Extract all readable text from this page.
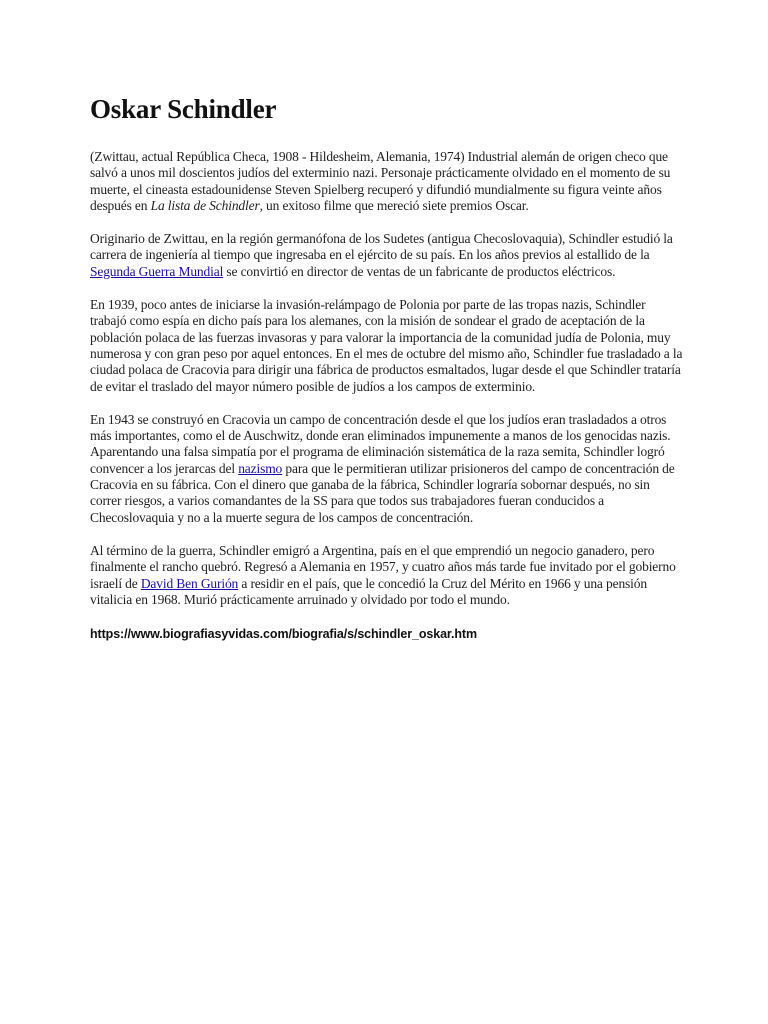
Oskar Schindler

(Zwittau, actual República Checa, 1908 - Hildesheim, Alemania, 1974) Industrial alemán de origen checo que salvó a unos mil doscientos judíos del exterminio nazi. Personaje prácticamente olvidado en el momento de su muerte, el cineasta estadounidense Steven Spielberg recuperó y difundió mundialmente su figura veinte años después en La lista de Schindler, un exitoso filme que mereció siete premios Oscar.

Originario de Zwittau, en la región germanófona de los Sudetes (antigua Checoslovaquia), Schindler estudió la carrera de ingeniería al tiempo que ingresaba en el ejército de su país. En los años previos al estallido de la Segunda Guerra Mundial se convirtió en director de ventas de un fabricante de productos eléctricos.

En 1939, poco antes de iniciarse la invasión-relámpago de Polonia por parte de las tropas nazis, Schindler trabajó como espía en dicho país para los alemanes, con la misión de sondear el grado de aceptación de la población polaca de las fuerzas invasoras y para valorar la importancia de la comunidad judía de Polonia, muy numerosa y con gran peso por aquel entonces. En el mes de octubre del mismo año, Schindler fue trasladado a la ciudad polaca de Cracovia para dirigir una fábrica de productos esmaltados, lugar desde el que Schindler trataría de evitar el traslado del mayor número posible de judíos a los campos de exterminio.

En 1943 se construyó en Cracovia un campo de concentración desde el que los judíos eran trasladados a otros más importantes, como el de Auschwitz, donde eran eliminados impunemente a manos de los genocidas nazis. Aparentando una falsa simpatía por el programa de eliminación sistemática de la raza semita, Schindler logró convencer a los jerarcas del nazismo para que le permitieran utilizar prisioneros del campo de concentración de Cracovia en su fábrica. Con el dinero que ganaba de la fábrica, Schindler lograría sobornar después, no sin correr riesgos, a varios comandantes de la SS para que todos sus trabajadores fueran conducidos a Checoslovaquia y no a la muerte segura de los campos de concentración.

Al término de la guerra, Schindler emigró a Argentina, país en el que emprendió un negocio ganadero, pero finalmente el rancho quebró. Regresó a Alemania en 1957, y cuatro años más tarde fue invitado por el gobierno israelí de David Ben Gurión a residir en el país, que le concedió la Cruz del Mérito en 1966 y una pensión vitalicia en 1968. Murió prácticamente arruinado y olvidado por todo el mundo.

https://www.biografiasyvidas.com/biografia/s/schindler_oskar.htm
